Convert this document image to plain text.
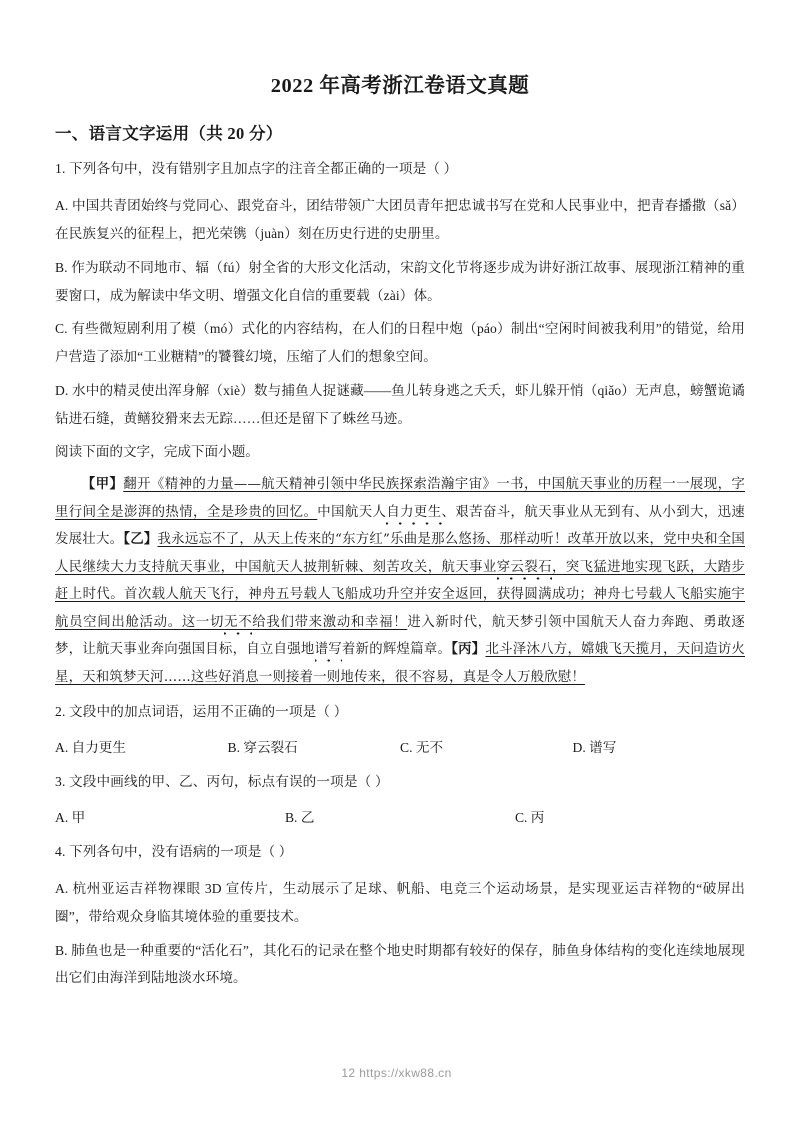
2022 年高考浙江卷语文真题
一、语言文字运用（共 20 分）
1. 下列各句中，没有错别字且加点字的注音全都正确的一项是（ ）
A. 中国共青团始终与党同心、跟党奋斗，团结带领广大团员青年把忠诚书写在党和人民事业中，把青春播撒（sǎ）在民族复兴的征程上，把光荣镌（juàn）刻在历史行进的史册里。
B. 作为联动不同地市、辐（fú）射全省的大形文化活动，宋韵文化节将逐步成为讲好浙江故事、展现浙江精神的重要窗口，成为解读中华文明、增强文化自信的重要载（zài）体。
C. 有些微短剧利用了模（mó）式化的内容结构，在人们的日程中炮（páo）制出“空闲时间被我利用”的错觉，给用户营造了添加“工业糖精”的饕餮幻境，压缩了人们的想象空间。
D. 水中的精灵使出浑身解（xiè）数与捕鱼人捉谜藏——鱼儿转身逃之夭夭，虾儿躲开悄（qiǎo）无声息，螃蟹诡谲钻进石缝，黄鳝狡猾来去无踪……但还是留下了蛛丝马迹。
阅读下面的文字，完成下面小题。
【甲】翻开《精神的力量——航天精神引领中华民族探索浩瀚宇宙》一书，中国航天事业的历程一一展现，字里行间全是澎湃的热情，全是珍贵的回忆。中国航天人自力更生、艰苦奋斗，航天事业从无到有、从小到大，迅速发展壮大。【乙】我永远忘不了，从天上传来的“东方红”乐曲是那么悠扬、那样动听！改革开放以来，党中央和全国人民继续大力支持航天事业，中国航天人披荆斩棘、刻苦攻关，航天事业穿云裂石，突飞猛进地实现飞跃，大踏步赶上时代。首次载人航天飞行，神舟五号载人飞船成功升空并安全返回，获得圆满成功；神舟七号载人飞船实施宇航员空间出舱活动。这一切无不给我们带来激动和幸福！进入新时代，航天梦引领中国航天人奋力奔跑、勇敢逐梦，让航天事业奔向强国目标，自立自强地谱写着新的辉煌篇章。【丙】北斗泽沐八方，嫦娥飞天揽月，天问造访火星，天和筑梦天河……这些好消息一则接着一则地传来，很不容易，真是令人万般欣慰！
2. 文段中的加点词语，运用不正确的一项是（ ）
A. 自力更生	B. 穿云裂石	C. 无不	D. 谱写
3. 文段中画线的甲、乙、丙句，标点有误的一项是（ ）
A. 甲	B. 乙	C. 丙
4. 下列各句中，没有语病的一项是（ ）
A. 杭州亚运吉祥物裸眼 3D 宣传片，生动展示了足球、帆船、电竞三个运动场景，是实现亚运吉祥物的“破屏出圈”，带给观众身临其境体验的重要技术。
B. 肺鱼也是一种重要的“活化石”，其化石的记录在整个地史时期都有较好的保存，肺鱼身体结构的变化连续地展现出它们由海洋到陆地淡水环境。
12 https://xkw88.cn
